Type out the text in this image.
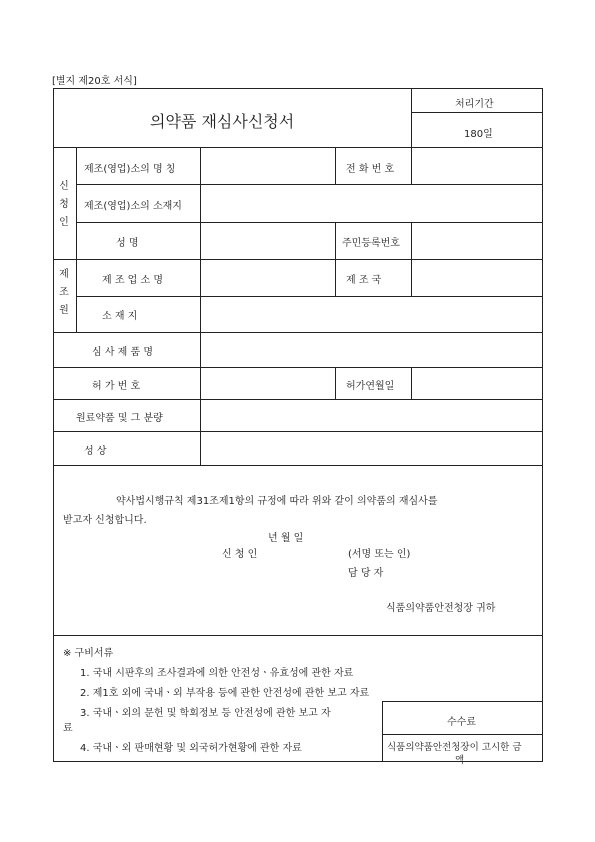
[별지 제20호 서식]
의약품 재심사신청서
처리기간
180일
신
청
인
제조(영업)소의 명 칭	전 화 번 호
제조(영업)소의 소재지
성 명	주민등록번호
제
조
원
제 조 업 소 명	제 조 국
소 재 지
심 사 제 품 명
허 가 번 호	허가연월일
원료약품 및 그 분량
성 상
약사법시행규칙 제31조제1항의 규정에 따라 위와 같이 의약품의 재심사를
받고자 신청합니다.
년 월 일
신 청 인	(서명 또는 인)
담 당 자
식품의약품안전청장 귀하
※ 구비서류
1. 국내 시판후의 조사결과에 의한 안전성ㆍ유효성에 관한 자료
2. 제1호 외에 국내ㆍ외 부작용 등에 관한 안전성에 관한 보고 자료
3. 국내ㆍ외의 문헌 및 학회정보 등 안전성에 관한 보고 자
료
4. 국내ㆍ외 판매현황 및 외국허가현황에 관한 자료
수수료
식품의약품안전청장이 고시한 금
액
